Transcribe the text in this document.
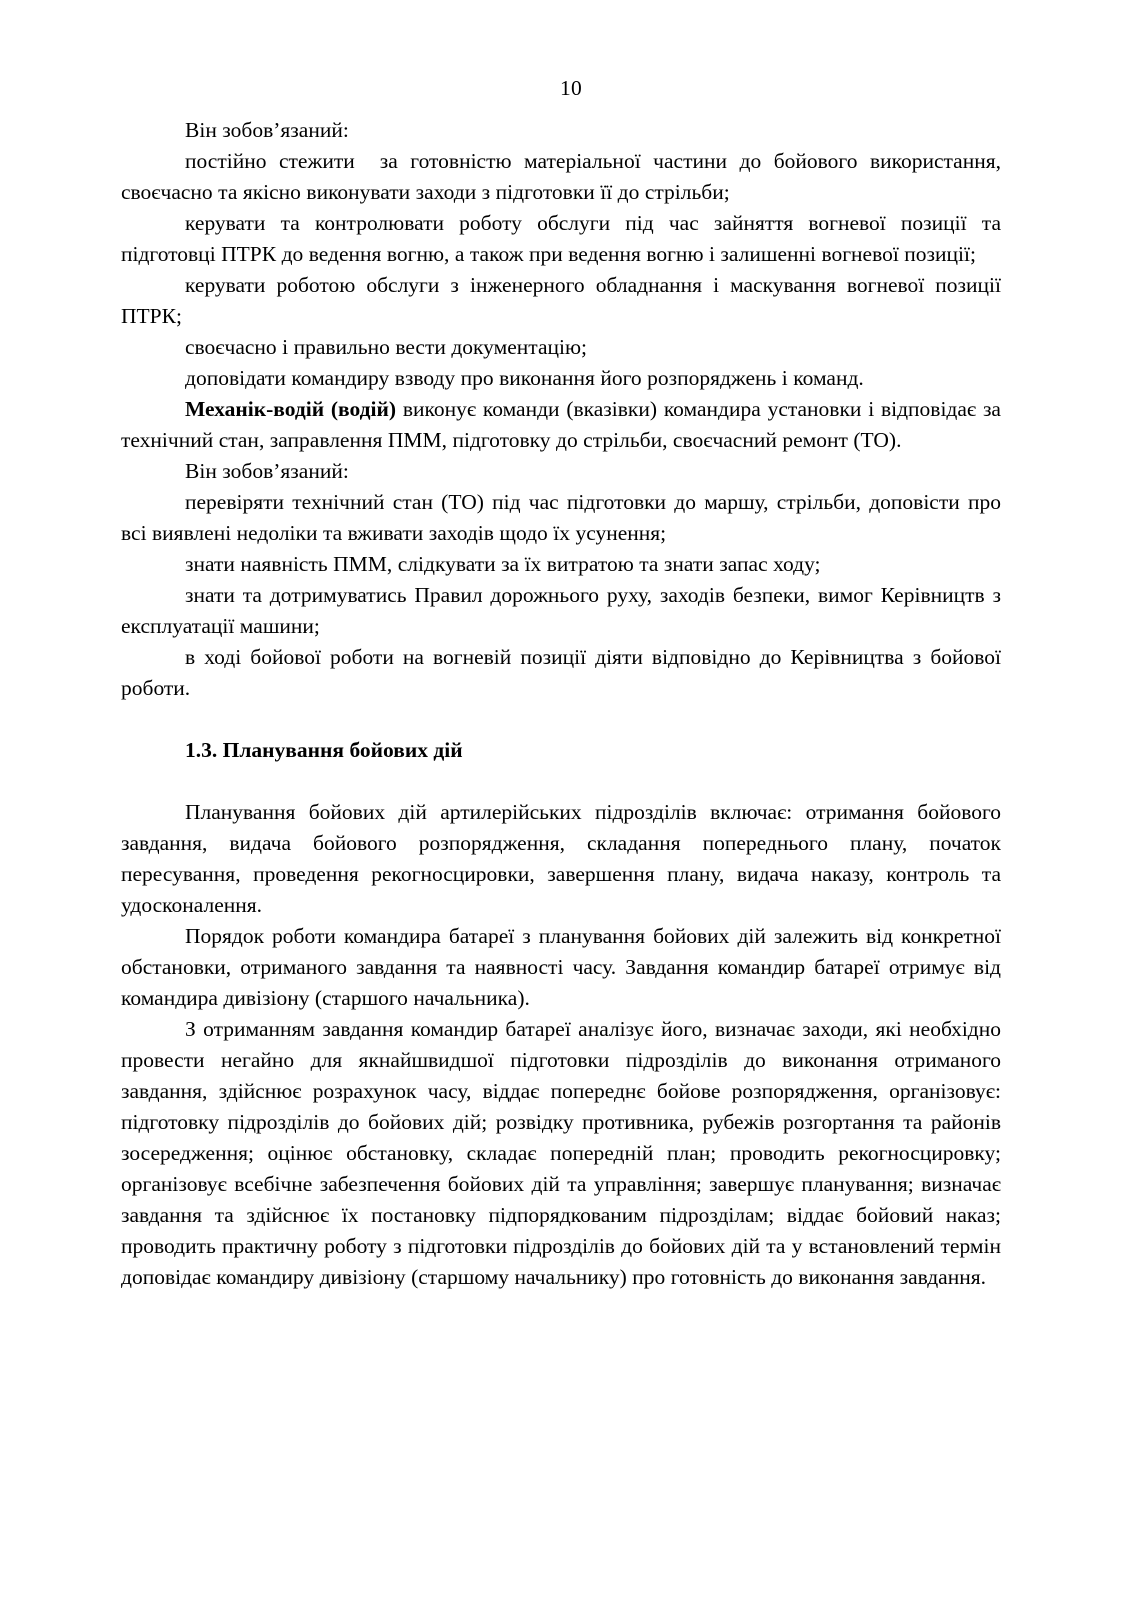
10

Він зобов’язаний:

постійно стежити  за готовністю матеріальної частини до бойового використання, своєчасно та якісно виконувати заходи з підготовки її до стрільби;

керувати та контролювати роботу обслуги під час зайняття вогневої позиції та підготовці ПТРК до ведення вогню, а також при ведення вогню і залишенні вогневої позиції;

керувати роботою обслуги з інженерного обладнання і маскування вогневої позиції ПТРК;

своєчасно і правильно вести документацію;

доповідати командиру взводу про виконання його розпоряджень і команд.

Механік-водій (водій) виконує команди (вказівки) командира установки і відповідає за технічний стан, заправлення ПММ, підготовку до стрільби, своєчасний ремонт (ТО).

Він зобов’язаний:

перевіряти технічний стан (ТО) під час підготовки до маршу, стрільби, доповісти про всі виявлені недоліки та вживати заходів щодо їх усунення;

знати наявність ПММ, слідкувати за їх витратою та знати запас ходу;

знати та дотримуватись Правил дорожнього руху, заходів безпеки, вимог Керівництв з експлуатації машини;

в ході бойової роботи на вогневій позиції діяти відповідно до Керівництва з бойової роботи.

1.3. Планування бойових дій

Планування бойових дій артилерійських підрозділів включає: отримання бойового завдання, видача бойового розпорядження, складання попереднього плану, початок пересування, проведення рекогносцировки, завершення плану, видача наказу, контроль та удосконалення.

Порядок роботи командира батареї з планування бойових дій залежить від конкретної обстановки, отриманого завдання та наявності часу. Завдання командир батареї отримує від командира дивізіону (старшого начальника).

З отриманням завдання командир батареї аналізує його, визначає заходи, які необхідно провести негайно для якнайшвидшої підготовки підрозділів до виконання отриманого завдання, здійснює розрахунок часу, віддає попереднє бойове розпорядження, організовує: підготовку підрозділів до бойових дій; розвідку противника, рубежів розгортання та районів зосередження; оцінює обстановку, складає попередній план; проводить рекогносцировку; організовує всебічне забезпечення бойових дій та управління; завершує планування; визначає завдання та здійснює їх постановку підпорядкованим підрозділам; віддає бойовий наказ; проводить практичну роботу з підготовки підрозділів до бойових дій та у встановлений термін доповідає командиру дивізіону (старшому начальнику) про готовність до виконання завдання.
